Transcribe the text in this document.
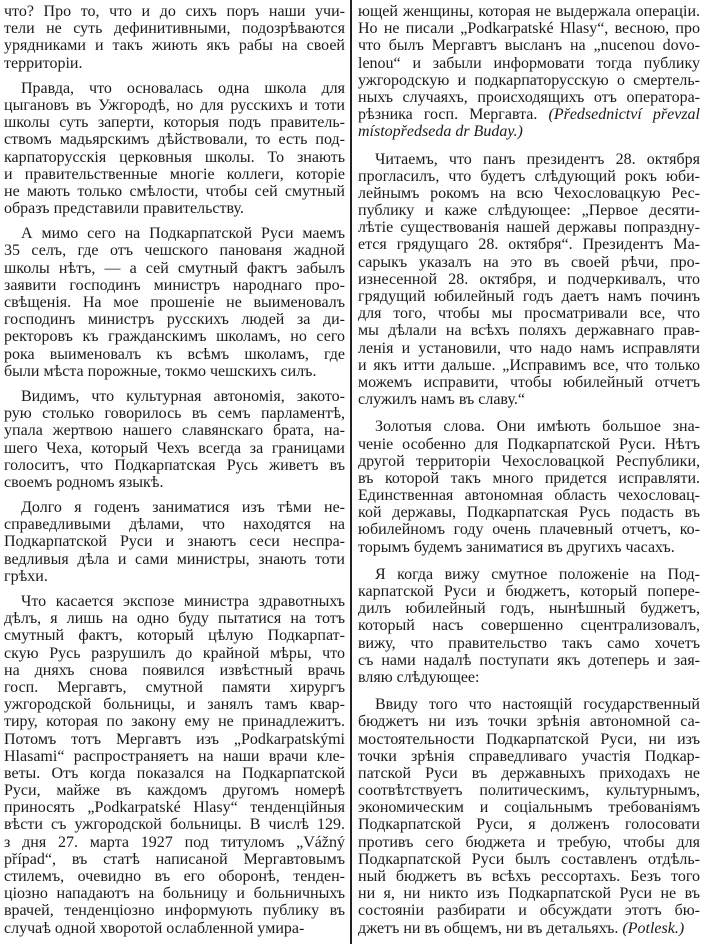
что? Про то, что и до сихъ поръ наши учи-
тели не суть дефинитивными, подозрѣваются
урядниками и такъ жиють якъ рабы на своей
территоріи.
Правда, что основалась одна школа для
цыгановъ въ Ужгородѣ, но для русскихъ и тоти
школы суть заперти, которыя подъ правитель-
ствомъ мадьярскимъ дѣйствовали, то есть под-
карпаторусскія церковныя школы. То знають
и правительственные многіе коллеги, которіе
не мають только смѣлости, чтобы сей смутный
образъ представили правительству.
А мимо сего на Подкарпатской Руси маемъ
35 селъ, где отъ чешского панованя жадной
школы нѣтъ, — а сей смутный фактъ забылъ
заявити господинъ министръ народнаго про-
свѣщенія. На мое прошеніе не выименовалъ
господинъ министръ русскихъ людей за ди-
ректоровъ къ гражданскимъ школамъ, но сего
рока выименовалъ къ всѣмъ школамъ, где
были мѣста порожные, токмо чешскихъ силъ.
Видимъ, что культурная автономія, закото-
рую столько говорилось въ семъ парламентѣ,
упала жертвою нашего славянскаго брата, на-
шего Чеха, который Чехъ всегда за границами
голоситъ, что Подкарпатская Русь живетъ въ
своемъ родномъ языкѣ.
Долго я годенъ заниматися изъ тѣми не-
справедливыми дѣлами, что находятся на
Подкарпатской Руси и знаютъ сеси неспра-
ведливыя дѣла и сами министры, знають тоти
грѣхи.
Что касается экспозе министра здравотныхъ
дѣлъ, я лишь на одно буду пытатися на тотъ
смутный фактъ, который цѣлую Подкарпат-
скую Русь разрушилъ до крайной мѣры, что
на дняхъ снова появился извѣстный врачь
госп. Мергавтъ, смутной памяти хирургъ
ужгородской больницы, и занялъ тамъ квар-
тиру, которая по закону ему не принадлежитъ.
Потомъ тотъ Мергавтъ изъ „Podkarpatskými
Hlasami“ распространяетъ на наши врачи кле-
веты. Отъ когда показался на Подкарпатской
Руси, майже въ каждомъ другомъ номерѣ
приносять „Podkarpatské Hlasy“ тенденційныя
вѣсти съ ужгородской больницы. В числѣ 129.
з дня 27. марта 1927 под титуломъ „Vážný
případ“, въ статѣ написаной Мергавтовымъ
стилемъ, очевидно въ его оборонѣ, тенден-
ціозно нападаютъ на больницу и больничныхъ
врачей, тенденціозно информують публику въ
случаѣ одной хворотой ослабленной умира-
ющей женщины, которая не выдержала операціи.
Но не писали „Podkarpatské Hlasy“, весною, про
что былъ Мергавтъ высланъ на „nucenou dovo-
lenou“ и забыли информовати тогда публику
ужгородскую и подкарпаторусскую о смертель-
ныхъ случаяхъ, происходящихъ отъ оператора-
рѣзника госп. Мергавта. (Předsednictví převzal
místopředseda dr Buday.)
Читаемъ, что панъ президентъ 28. октября
прогласилъ, что будетъ слѣдующий рокъ юби-
лейнымъ рокомъ на всю Чехословацкую Рес-
публику и каже слѣдующее: „Первое десяти-
лѣтіе существованія нашей державы попраздну-
ется грядущаго 28. октября“. Президентъ Ма-
сарыкъ указалъ на это въ своей рѣчи, про-
изнесенной 28. октября, и подчеркивалъ, что
грядущий юбилейный годъ даетъ намъ починъ
для того, чтобы мы просматривали все, что
мы дѣлали на всѣхъ поляхъ державнаго прав-
ленія и установили, что надо намъ исправляти
и якъ итти дальше. „Исправимъ все, что только
можемъ исправити, чтобы юбилейный отчетъ
служилъ намъ въ славу.“
Золотыя слова. Они имѣють большое зна-
ченіе особенно для Подкарпатской Руси. Нѣтъ
другой территоріи Чехословацкой Республики,
въ которой такъ много придется исправляти.
Единственная автономная область чехословац-
кой державы, Подкарпатская Русь подасть въ
юбилейномъ году очень плачевный отчетъ, ко-
торымъ будемъ заниматися въ другихъ часахъ.
Я когда вижу смутное положеніе на Под-
карпатской Руси и бюджетъ, который попере-
дилъ юбилейный годъ, нынѣшный буджетъ,
который насъ совершенно сцентрализовалъ,
вижу, что правительство такъ само хочетъ
съ нами надалѣ поступати якъ дотеперь и зая-
вляю слѣдующее:
Ввиду того что настоящій государственный
бюджетъ ни изъ точки зрѣнія автономной са-
мостоятельности Подкарпатской Руси, ни изъ
точки зрѣнія справедливаго участія Подкар-
патской Руси въ державныхъ приходахъ не
соотвѣтствуетъ политическимъ, культурнымъ,
экономическим и соціальнымъ требованіямъ
Подкарпатской Руси, я долженъ голосовати
противъ сего бюджета и требую, чтобы для
Подкарпатской Руси былъ составленъ отдѣль-
ный бюджетъ въ всѣхъ рессортахъ. Безъ того
ни я, ни никто изъ Подкарпатской Руси не въ
состояніи разбирати и обсуждати этотъ бю-
джетъ ни въ общемъ, ни въ детальяхъ. (Potlesk.)
